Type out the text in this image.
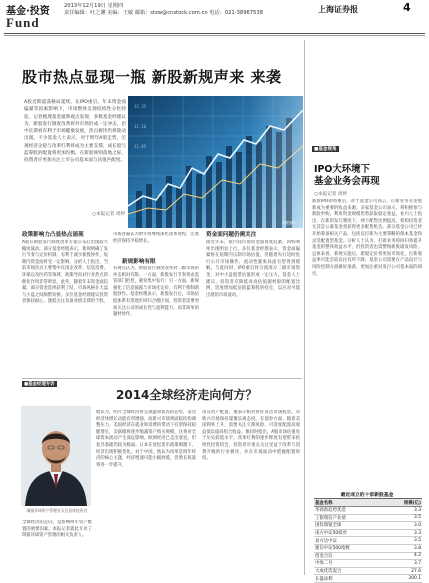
基金·投资
Fund
2013年12月19日 星期四
责任编辑：叶之渊 美编：王敏 邮箱：stzw@cnstock.com.cn 电话：021-38967538	上海证券报	4
股市热点显现一瓶 新股新规声来 来袭
A股近期震荡格局延续，在IPO重启、年末资金面偏紧等因素影响下，市场整体呈现结构性分化特征。记者梳理基金最新观点发现，多数基金经理认为，新股发行制度改革将对市场形成一定冲击，但中长期看有利于市场健康发展，热点板块仍将轮动出现。不少基金人士表示，对于明年A股走势，宏观经济企稳与改革红利将成为主要支撑，成长股与蓝筹股的配置将更加均衡。在新股规则落地之际，投资者应更加关注上市公司基本面与估值匹配度。
○本报记者 周婷
12.35
12.10
11.85
本报图片
政策影响力凸显热点涌现
A股在新股发行制度改革方案公布后出现较大幅度波动。部分基金经理表示，新规明确了发行节奏与定价机制，有利于减少新股炒作，短期内资金面将受一定影响。分析人士指出，当前市场热点主要集中在国企改革、信息消费、环保以及医药等领域，政策导向对行业热点的催化作用非常明显。此外，随着年末资金面趋紧，部分资金选择获利了结，市场风格在大盘与小盘之间频繁切换。多位基金经理建议投资者保持耐心，逢低关注具备业绩支撑的个股。
市场普遍认为明年将继续深化改革进程，宏观经济保持平稳增长。
新规影响有限
有观点认为，新股发行制度改革对二级市场的冲击相对有限。一方面，新股发行节奏将由监管部门把控，避免集中发行；另一方面，新规强化了信息披露与市场化定价，有利于抑制新股炒作。基金经理表示，新股发行后，市场估值体系有望逐步回归合理区间，投资者需要更加关注公司的成长性与盈利能力，而非简单的题材炒作。
资金面问题仍需关注
接近年末，银行间市场资金面再度趋紧，回购利率出现明显上行。多位基金经理表示，资金面偏紧将在短期内压制市场估值，但随着央行适时进行公开市场操作，流动性紧张局面有望得到缓解。与此同时，IPO重启将分流部分二级市场资金，对中小盘股票估值形成一定压力。基金人士建议，投资者应降低对高估值题材股的配置比例，适度增加低估值蓝筹股的持仓，以应对可能出现的市场波动。
■基金视角
IPO大环境下
基金业务会再现
○本报记者 周婷
新股IPO即将重启，对于基金公司而言，打新业务有望重新成为重要的收益来源。多家基金公司表示，将积极参与新股申购，利用资金规模优势获取稳定收益。业内人士指出，在新的发行制度下，网下配售比例提高，机构投资者尤其是公募基金将获得更多配售机会。部分基金公司已经开始筹备相关产品，包括以打新为主要策略的保本基金和灵活配置型基金。分析人士认为，打新业务的回归将提升基金的整体收益水平，但投资者也需警惕新股破发风险。总体来看，新规实施后，新股定价将更加市场化，打新收益率可能会较以往有所下降，基金公司需要在产品设计与风险控制方面做好准备，更加注重对发行公司基本面的研究。
最近成立的十家新股基金
基金名称	规模(亿)
华商新趋势优选	3.3
工银瑞信产业债	3.5
国投瑞银全球	3.0
南方中证50债券	3.3
易方达中证	3.5
建信中证500指数	3.8
创金合信	4.2
中海二号	3.7
大成优选混合	27.6
长盛添利	300.1
■基金经理专访
2014全球经济走向何方？
瑞银环球资产管理亚太区首席投资官
全球经济的走向，是影响明年资产配置的重要因素。本报记者就此专访了瑞银环球资产管理的相关负责人。
他认为，明年全球经济将呈现温和复苏的态势，发达经济体增长动能有所增强，而新兴市场则面临结构调整压力。美国经济在就业和消费的带动下有望保持稳健增长，美联储将逐步缩减资产购买规模，这将对全球资本流动产生深远影响。欧洲经济已走出衰退，但复苏基础仍较为脆弱。日本在宽松货币政策刺激下，经济出现积极变化。对于中国，他认为改革是明年经济的核心主题，经济增速可能小幅放缓，但增长质量将进一步提升。
谈及资产配置，他表示相对看好发达市场股票，对新兴市场保持谨慎乐观态度。在债券方面，随着美国利率上升，需要关注久期风险，可适度配置高收益债以提高组合收益。他同时指出，A股市场估值处于历史较低水平，改革红利的逐步释放有望带来结构性投资机会，投资者可重点关注受益于改革与消费升级的行业板块，并在市场波动中把握配置时机。
